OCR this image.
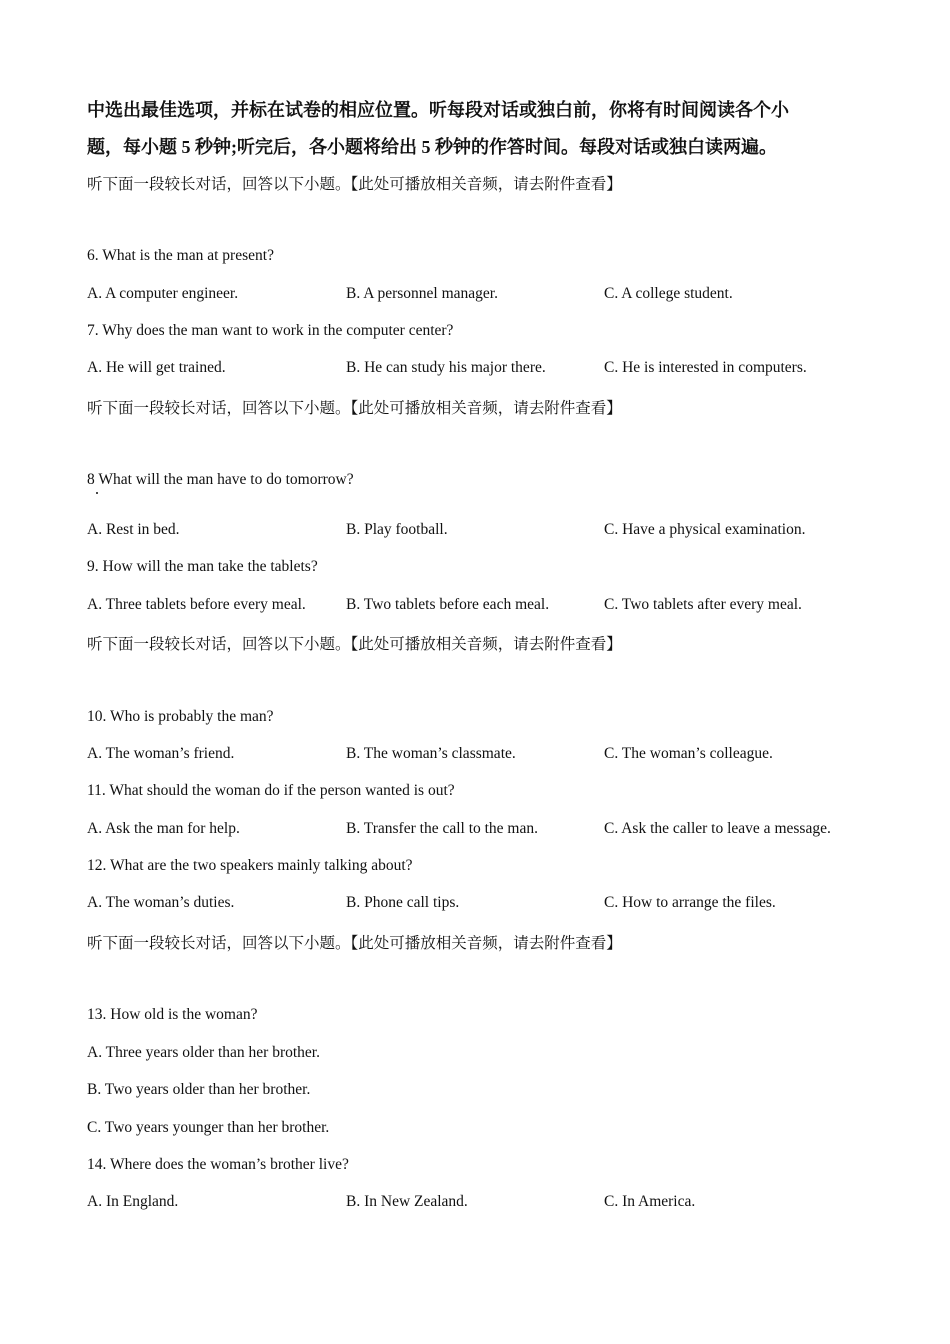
中选出最佳选项，并标在试卷的相应位置。听每段对话或独白前，你将有时间阅读各个小
题，每小题 5 秒钟;听完后，各小题将给出 5 秒钟的作答时间。每段对话或独白读两遍。
听下面一段较长对话，回答以下小题。【此处可播放相关音频，请去附件查看】
6. What is the man at present?
A. A computer engineer.	B. A personnel manager.	C. A college student.
7. Why does the man want to work in the computer center?
A. He will get trained.	B. He can study his major there.	C. He is interested in computers.
听下面一段较长对话，回答以下小题。【此处可播放相关音频，请去附件查看】
8 What will the man have to do tomorrow?
A. Rest in bed.	B. Play football.	C. Have a physical examination.
9. How will the man take the tablets?
A. Three tablets before every meal.	B. Two tablets before each meal.	C. Two tablets after every meal.
听下面一段较长对话，回答以下小题。【此处可播放相关音频，请去附件查看】
10. Who is probably the man?
A. The woman’s friend.	B. The woman’s classmate.	C. The woman’s colleague.
11. What should the woman do if the person wanted is out?
A. Ask the man for help.	B. Transfer the call to the man.	C. Ask the caller to leave a message.
12. What are the two speakers mainly talking about?
A. The woman’s duties.	B. Phone call tips.	C. How to arrange the files.
听下面一段较长对话，回答以下小题。【此处可播放相关音频，请去附件查看】
13. How old is the woman?
A. Three years older than her brother.
B. Two years older than her brother.
C. Two years younger than her brother.
14. Where does the woman’s brother live?
A. In England.	B. In New Zealand.	C. In America.
